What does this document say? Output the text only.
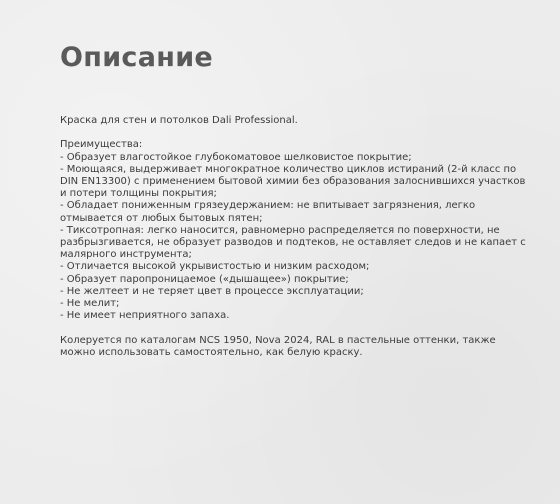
Описание

Краска для стен и потолков Dali Professional.

Преимущества:

- Образует влагостойкое глубокоматовое шелковистое покрытие;
- Моющаяся, выдерживает многократное количество циклов истираний (2-й класс по DIN EN13300) с применением бытовой химии без образования залоснившихся участков и потери толщины покрытия;
- Обладает пониженным грязеудержанием: не впитывает загрязнения, легко отмывается от любых бытовых пятен;
- Тиксотропная: легко наносится, равномерно распределяется по поверхности, не разбрызгивается, не образует разводов и подтеков, не оставляет следов и не капает с малярного инструмента;
- Отличается высокой укрывистостью и низким расходом;
- Образует паропроницаемое («дышащее») покрытие;
- Не желтеет и не теряет цвет в процессе эксплуатации;
- Не мелит;
- Не имеет неприятного запаха.

Колеруется по каталогам NCS 1950, Nova 2024, RAL в пастельные оттенки, также можно использовать самостоятельно, как белую краску.
